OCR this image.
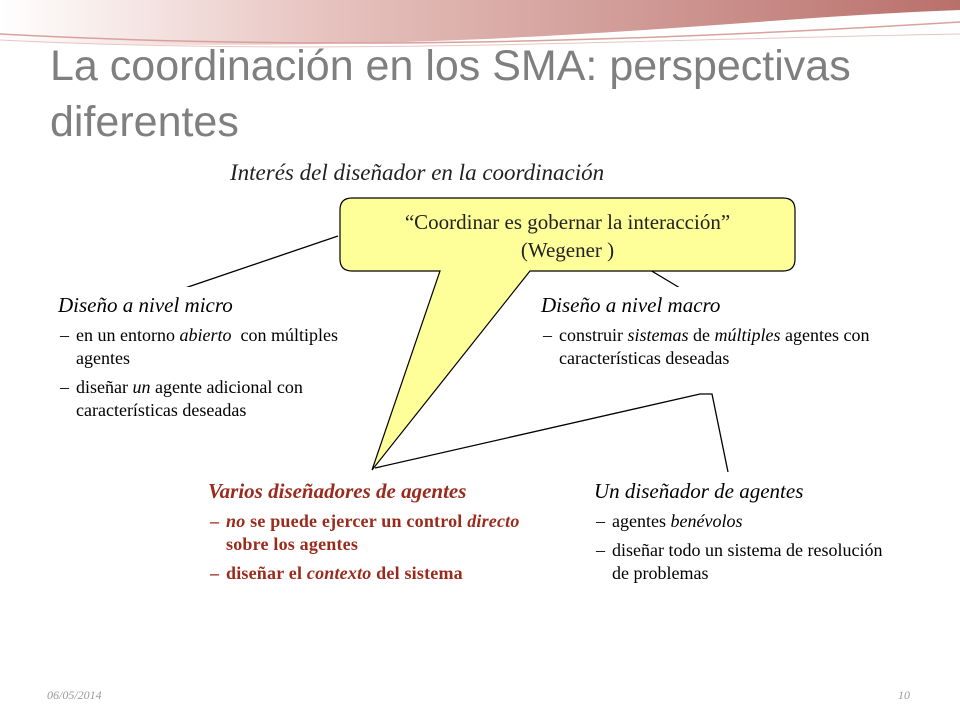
La coordinación en los SMA: perspectivas diferentes
Interés del diseñador en la coordinación
“Coordinar es gobernar la interacción”
(Wegener )

Diseño a nivel micro

– en un entorno abierto  con múltiples agentes
– diseñar un agente adicional con características deseadas

Diseño a nivel macro

– construir sistemas de múltiples agentes con características deseadas

Varios diseñadores de agentes

– no se puede ejercer un control directo sobre los agentes
– diseñar el contexto del sistema

Un diseñador de agentes

– agentes benévolos
– diseñar todo un sistema de resolución de problemas
06/05/2014	10
